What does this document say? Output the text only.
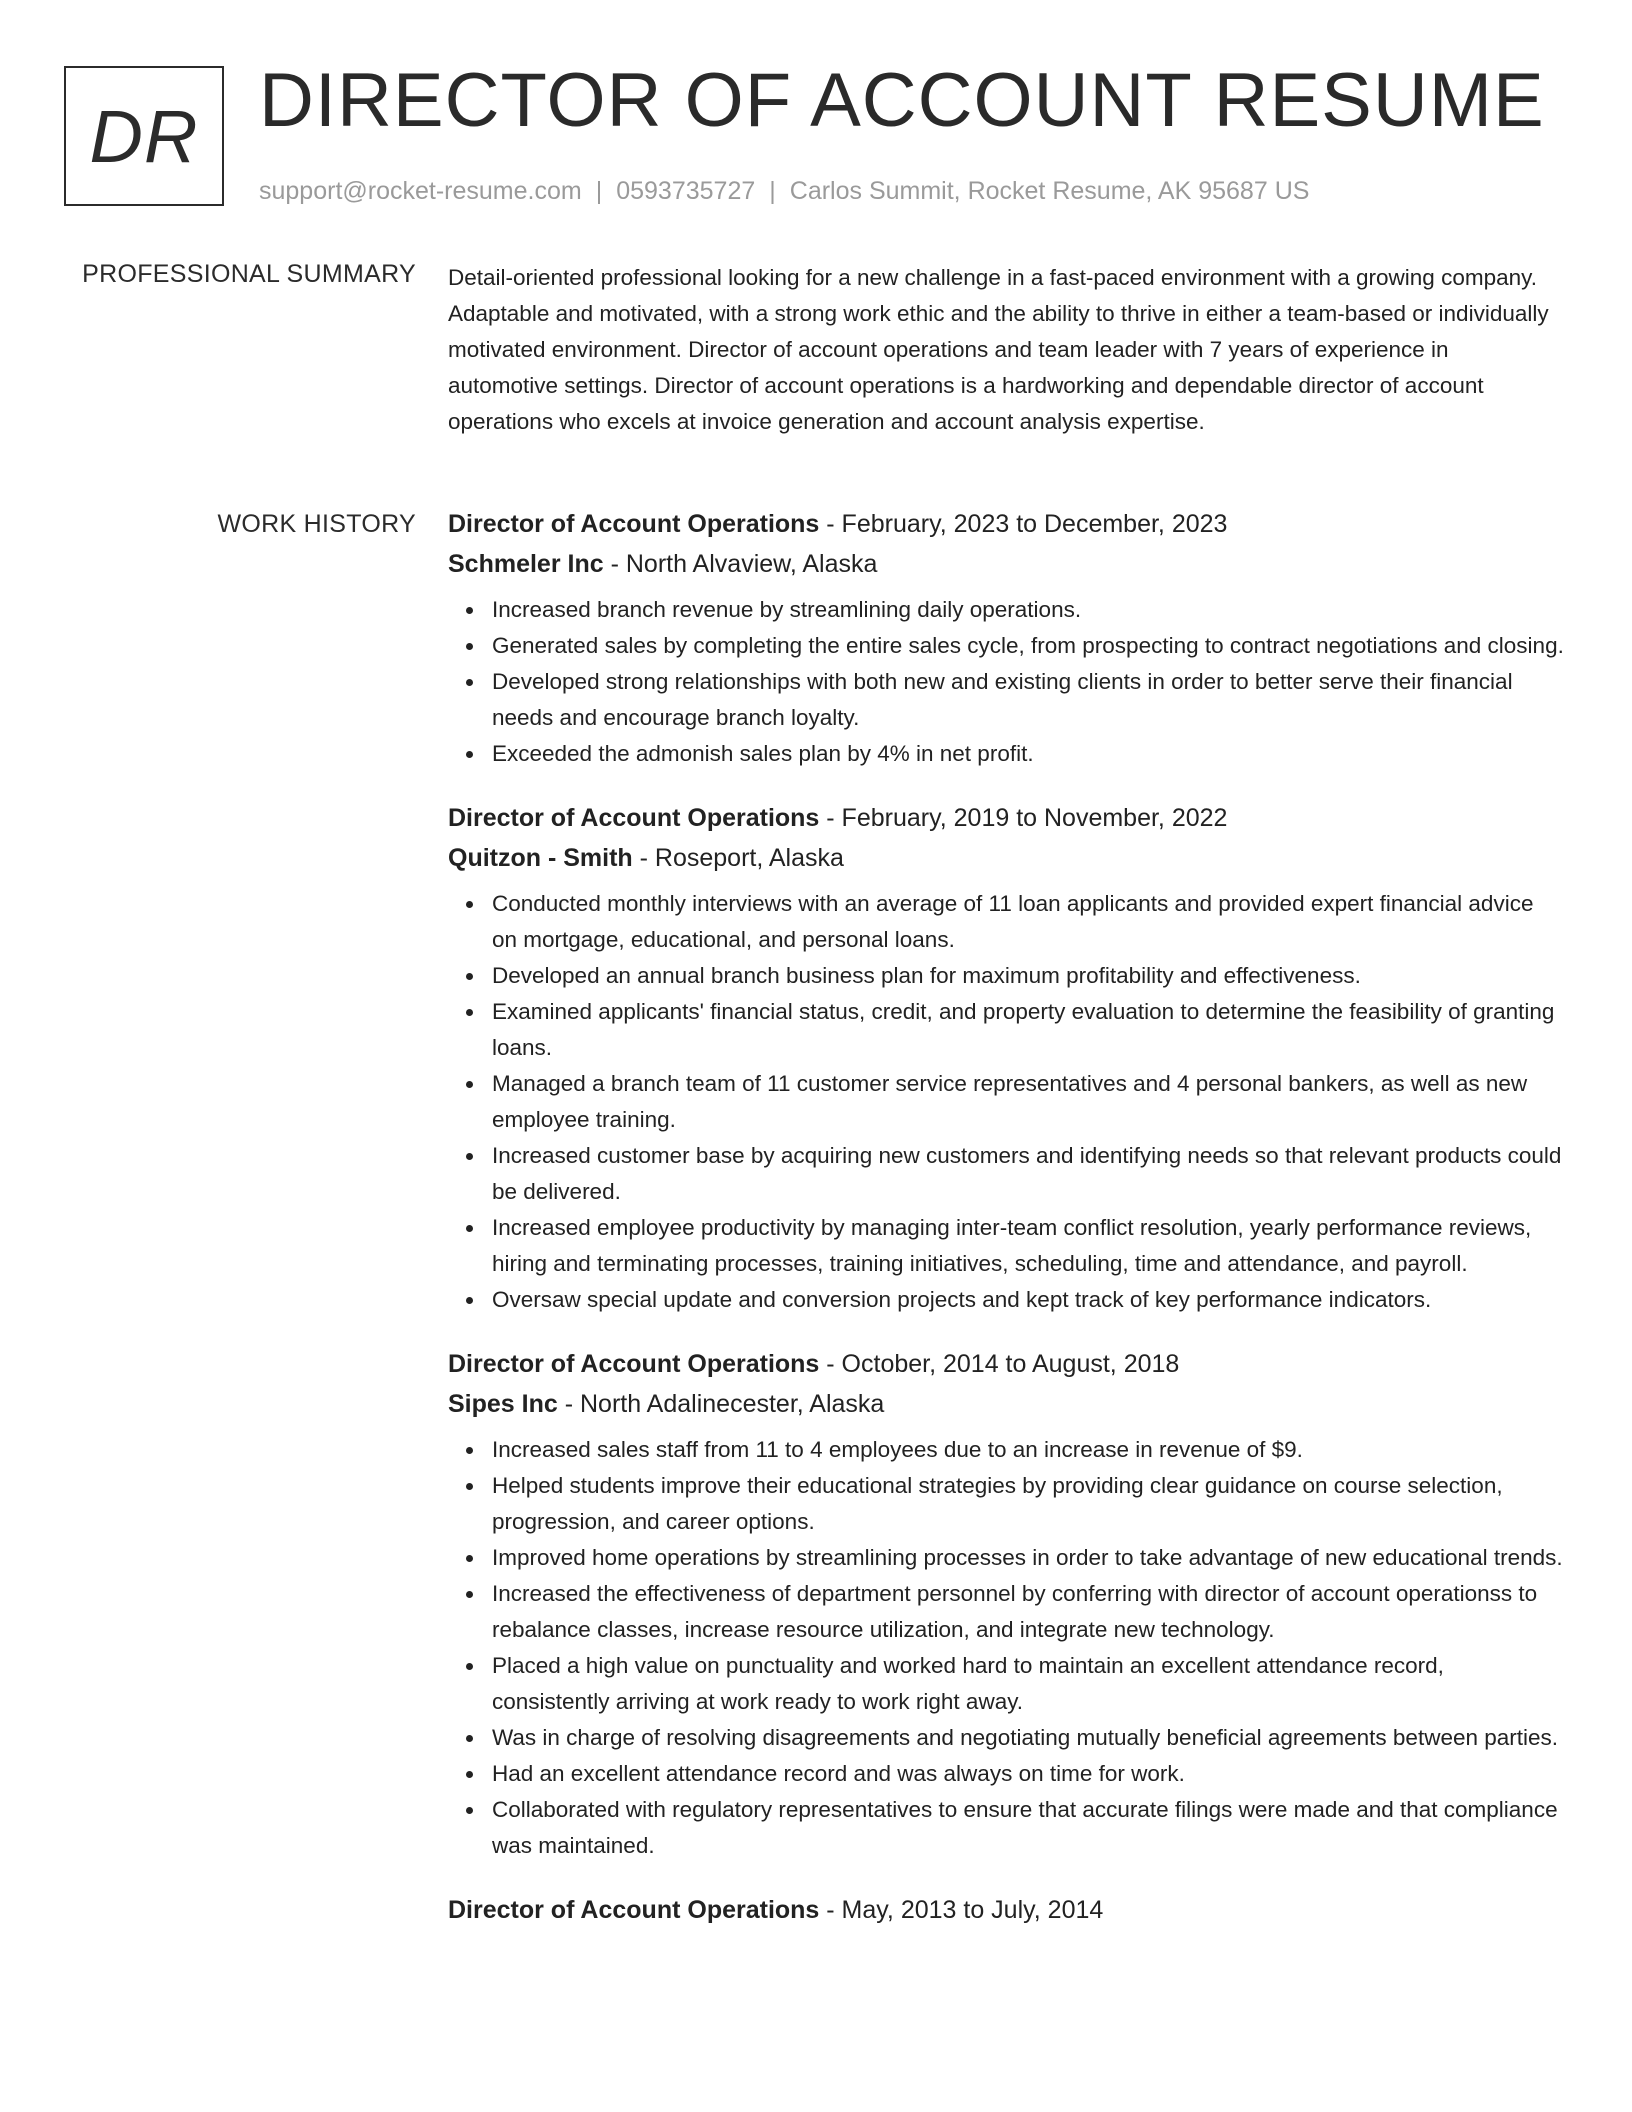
DR DIRECTOR OF ACCOUNT RESUME
support@rocket-resume.com | 0593735727 | Carlos Summit, Rocket Resume, AK 95687 US
PROFESSIONAL SUMMARY Detail-oriented professional looking for a new challenge in a fast-paced environment with a growing company. Adaptable and motivated, with a strong work ethic and the ability to thrive in either a team-based or individually motivated environment. Director of account operations and team leader with 7 years of experience in automotive settings. Director of account operations is a hardworking and dependable director of account operations who excels at invoice generation and account analysis expertise.

WORK HISTORY Director of Account Operations - February, 2023 to December, 2023
Schmeler Inc - North Alvaview, Alaska
Increased branch revenue by streamlining daily operations.
Generated sales by completing the entire sales cycle, from prospecting to contract negotiations and closing.
Developed strong relationships with both new and existing clients in order to better serve their financial needs and encourage branch loyalty.
Exceeded the admonish sales plan by 4% in net profit.
Director of Account Operations - February, 2019 to November, 2022
Quitzon - Smith - Roseport, Alaska
Conducted monthly interviews with an average of 11 loan applicants and provided expert financial advice on mortgage, educational, and personal loans.
Developed an annual branch business plan for maximum profitability and effectiveness.
Examined applicants' financial status, credit, and property evaluation to determine the feasibility of granting loans.
Managed a branch team of 11 customer service representatives and 4 personal bankers, as well as new employee training.
Increased customer base by acquiring new customers and identifying needs so that relevant products could be delivered.
Increased employee productivity by managing inter-team conflict resolution, yearly performance reviews, hiring and terminating processes, training initiatives, scheduling, time and attendance, and payroll.
Oversaw special update and conversion projects and kept track of key performance indicators.
Director of Account Operations - October, 2014 to August, 2018
Sipes Inc - North Adalinecester, Alaska
Increased sales staff from 11 to 4 employees due to an increase in revenue of $9.
Helped students improve their educational strategies by providing clear guidance on course selection, progression, and career options.
Improved home operations by streamlining processes in order to take advantage of new educational trends.
Increased the effectiveness of department personnel by conferring with director of account operationss to rebalance classes, increase resource utilization, and integrate new technology.
Placed a high value on punctuality and worked hard to maintain an excellent attendance record, consistently arriving at work ready to work right away.
Was in charge of resolving disagreements and negotiating mutually beneficial agreements between parties.
Had an excellent attendance record and was always on time for work.
Collaborated with regulatory representatives to ensure that accurate filings were made and that compliance was maintained.
Director of Account Operations - May, 2013 to July, 2014
